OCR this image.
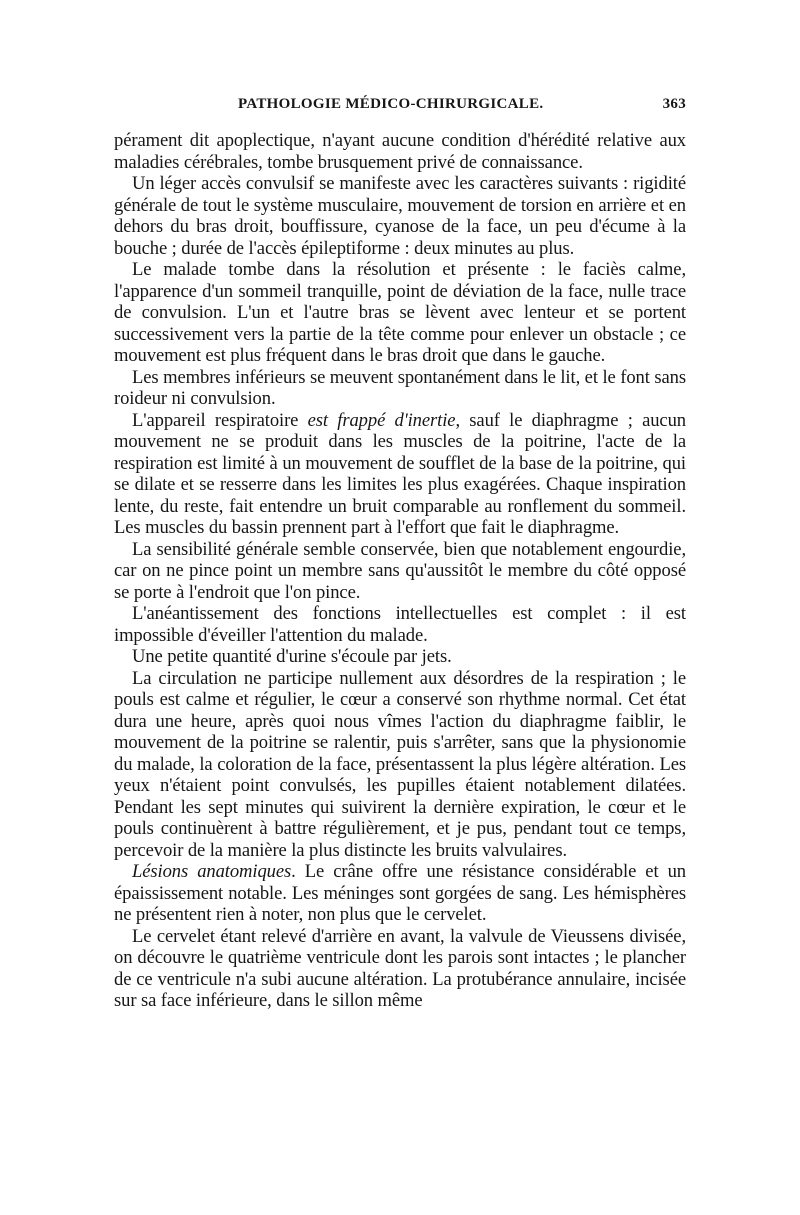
PATHOLOGIE MÉDICO-CHIRURGICALE.	363

pérament dit apoplectique, n'ayant aucune condition d'hérédité relative aux maladies cérébrales, tombe brusquement privé de connaissance.

Un léger accès convulsif se manifeste avec les caractères suivants : rigidité générale de tout le système musculaire, mouvement de torsion en arrière et en dehors du bras droit, bouffissure, cyanose de la face, un peu d'écume à la bouche ; durée de l'accès épileptiforme : deux minutes au plus.

Le malade tombe dans la résolution et présente : le faciès calme, l'apparence d'un sommeil tranquille, point de déviation de la face, nulle trace de convulsion. L'un et l'autre bras se lèvent avec lenteur et se portent successivement vers la partie de la tête comme pour enlever un obstacle ; ce mouvement est plus fréquent dans le bras droit que dans le gauche.

Les membres inférieurs se meuvent spontanément dans le lit, et le font sans roideur ni convulsion.

L'appareil respiratoire est frappé d'inertie, sauf le diaphragme ; aucun mouvement ne se produit dans les muscles de la poitrine, l'acte de la respiration est limité à un mouvement de soufflet de la base de la poitrine, qui se dilate et se resserre dans les limites les plus exagérées. Chaque inspiration lente, du reste, fait entendre un bruit comparable au ronflement du sommeil. Les muscles du bassin prennent part à l'effort que fait le diaphragme.

La sensibilité générale semble conservée, bien que notablement engourdie, car on ne pince point un membre sans qu'aussitôt le membre du côté opposé se porte à l'endroit que l'on pince.

L'anéantissement des fonctions intellectuelles est complet : il est impossible d'éveiller l'attention du malade.

Une petite quantité d'urine s'écoule par jets.

La circulation ne participe nullement aux désordres de la respiration ; le pouls est calme et régulier, le cœur a conservé son rhythme normal. Cet état dura une heure, après quoi nous vîmes l'action du diaphragme faiblir, le mouvement de la poitrine se ralentir, puis s'arrêter, sans que la physionomie du malade, la coloration de la face, présentassent la plus légère altération. Les yeux n'étaient point convulsés, les pupilles étaient notablement dilatées. Pendant les sept minutes qui suivirent la dernière expiration, le cœur et le pouls continuèrent à battre régulièrement, et je pus, pendant tout ce temps, percevoir de la manière la plus distincte les bruits valvulaires.

Lésions anatomiques. Le crâne offre une résistance considérable et un épaississement notable. Les méninges sont gorgées de sang. Les hémisphères ne présentent rien à noter, non plus que le cervelet.

Le cervelet étant relevé d'arrière en avant, la valvule de Vieussens divisée, on découvre le quatrième ventricule dont les parois sont intactes ; le plancher de ce ventricule n'a subi aucune altération. La protubérance annulaire, incisée sur sa face inférieure, dans le sillon même
